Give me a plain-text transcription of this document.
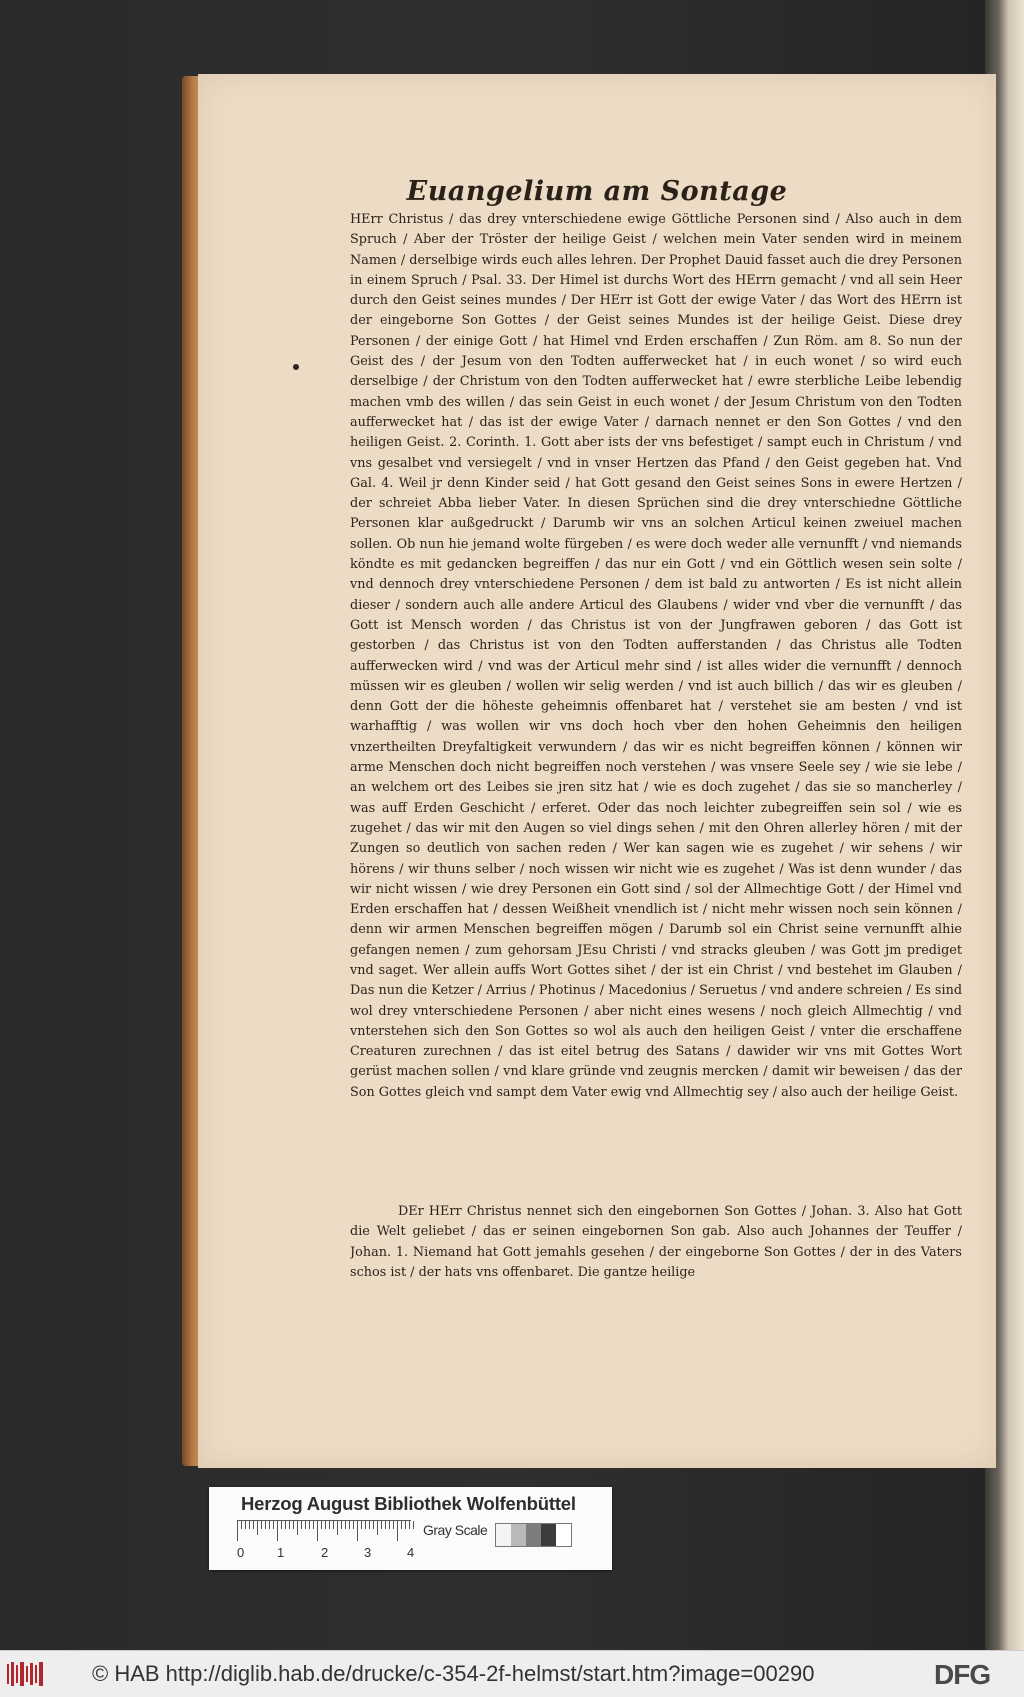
Euangelium am Sontage

HErr Christus / das drey vnterschiedene ewige Göttliche Personen sind / Also auch in dem Spruch / Aber der Tröster der heilige Geist / welchen mein Vater senden wird in meinem Namen / derselbige wirds euch alles lehren. Der Prophet Dauid fasset auch die drey Personen in einem Spruch / Psal. 33. Der Himel ist durchs Wort des HErrn gemacht / vnd all sein Heer durch den Geist seines mundes / Der HErr ist Gott der ewige Vater / das Wort des HErrn ist der eingeborne Son Gottes / der Geist seines Mundes ist der heilige Geist. Diese drey Personen / der einige Gott / hat Himel vnd Erden erschaffen / Zun Röm. am 8. So nun der Geist des / der Jesum von den Todten aufferwecket hat / in euch wonet / so wird euch derselbige / der Christum von den Todten aufferwecket hat / ewre sterbliche Leibe lebendig machen vmb des willen / das sein Geist in euch wonet / der Jesum Christum von den Todten aufferwecket hat / das ist der ewige Vater / darnach nennet er den Son Gottes / vnd den heiligen Geist. 2. Corinth. 1. Gott aber ists der vns befestiget / sampt euch in Christum / vnd vns gesalbet vnd versiegelt / vnd in vnser Hertzen das Pfand / den Geist gegeben hat. Vnd Gal. 4. Weil jr denn Kinder seid / hat Gott gesand den Geist seines Sons in ewere Hertzen / der schreiet Abba lieber Vater. In diesen Sprüchen sind die drey vnterschiedne Göttliche Personen klar außgedruckt / Darumb wir vns an solchen Articul keinen zweiuel machen sollen. Ob nun hie jemand wolte fürgeben / es were doch weder alle vernunfft / vnd niemands köndte es mit gedancken begreiffen / das nur ein Gott / vnd ein Göttlich wesen sein solte / vnd dennoch drey vnterschiedene Personen / dem ist bald zu antworten / Es ist nicht allein dieser / sondern auch alle andere Articul des Glaubens / wider vnd vber die vernunfft / das Gott ist Mensch worden / das Christus ist von der Jungfrawen geboren / das Gott ist gestorben / das Christus ist von den Todten aufferstanden / das Christus alle Todten aufferwecken wird / vnd was der Articul mehr sind / ist alles wider die vernunfft / dennoch müssen wir es gleuben / wollen wir selig werden / vnd ist auch billich / das wir es gleuben / denn Gott der die höheste geheimnis offenbaret hat / verstehet sie am besten / vnd ist warhafftig / was wollen wir vns doch hoch vber den hohen Geheimnis den heiligen vnzertheilten Dreyfaltigkeit verwundern / das wir es nicht begreiffen können / können wir arme Menschen doch nicht begreiffen noch verstehen / was vnsere Seele sey / wie sie lebe / an welchem ort des Leibes sie jren sitz hat / wie es doch zugehet / das sie so mancherley / was auff Erden Geschicht / erferet. Oder das noch leichter zubegreiffen sein sol / wie es zugehet / das wir mit den Augen so viel dings sehen / mit den Ohren allerley hören / mit der Zungen so deutlich von sachen reden / Wer kan sagen wie es zugehet / wir sehens / wir hörens / wir thuns selber / noch wissen wir nicht wie es zugehet / Was ist denn wunder / das wir nicht wissen / wie drey Personen ein Gott sind / sol der Allmechtige Gott / der Himel vnd Erden erschaffen hat / dessen Weißheit vnendlich ist / nicht mehr wissen noch sein können / denn wir armen Menschen begreiffen mögen / Darumb sol ein Christ seine vernunfft alhie gefangen nemen / zum gehorsam JEsu Christi / vnd stracks gleuben / was Gott jm prediget vnd saget. Wer allein auffs Wort Gottes sihet / der ist ein Christ / vnd bestehet im Glauben / Das nun die Ketzer / Arrius / Photinus / Macedonius / Seruetus / vnd andere schreien / Es sind wol drey vnterschiedene Personen / aber nicht eines wesens / noch gleich Allmechtig / vnd vnterstehen sich den Son Gottes so wol als auch den heiligen Geist / vnter die erschaffene Creaturen zurechnen / das ist eitel betrug des Satans / dawider wir vns mit Gottes Wort gerüst machen sollen / vnd klare gründe vnd zeugnis mercken / damit wir beweisen / das der Son Gottes gleich vnd sampt dem Vater ewig vnd Allmechtig sey / also auch der heilige Geist.

DEr HErr Christus nennet sich den eingebornen Son Gottes / Johan. 3. Also hat Gott die Welt geliebet / das er seinen eingebornen Son gab. Also auch Johannes der Teuffer / Johan. 1. Niemand hat Gott jemahls gesehen / der eingeborne Son Gottes / der in des Vaters schos ist / der hats vns offenbaret. Die gantze heilige

Herzog August Bibliothek Wolfenbüttel
0	1	2	3	4
Gray Scale
© HAB http://diglib.hab.de/drucke/c-354-2f-helmst/start.htm?image=00290	DFG
